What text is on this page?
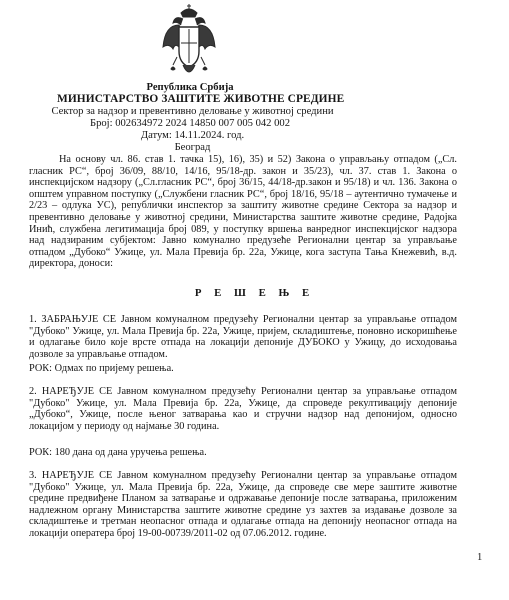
Република Србија
МИНИСТАРСТВО ЗАШТИТЕ ЖИВОТНЕ СРЕДИНЕ
Сектор за надзор и превентивно деловање у животној средини
Број: 002634972 2024 14850 007 005 042 002
Датум: 14.11.2024. год.
Београд
На основу чл. 86. став 1. тачка 15), 16), 35) и 52) Закона о управљању отпадом („Сл. гласник РС“, број 36/09, 88/10, 14/16, 95/18-др. закон и 35/23), чл. 37. став 1. Закона о инспекцијском надзору („Сл.гласник РС“, број 36/15, 44/18-др.закон и 95/18) и чл. 136. Закона о општем управном поступку („Службени гласник РС“, број 18/16, 95/18 – аутентично тумачење и 2/23 – одлука УС), републички инспектор за заштиту животне средине Сектора за надзор и превентивно деловање у животној средини, Министарства заштите животне средине, Радојка Инић, службена легитимација број 089, у поступку вршења ванредног инспекцијског надзора над надзираним субјектом: Јавно комунално предузеће Регионални центар за управљање отпадом „Дубоко“ Ужице, ул. Мала Превија бр. 22а, Ужице, кога заступа Тања Кнежевић, в.д. директора, доноси:
Р Е Ш Е Њ Е
1. ЗАБРАЊУЈЕ СЕ Јавном комуналном предузећу Регионални центар за управљање отпадом "Дубоко" Ужице, ул. Мала Превија бр. 22а, Ужице, пријем, складиштење, поновно искоришћење и одлагање било које врсте отпада на локацији депоније ДУБОКО у Ужицу, до исходовања дозволе за управљање отпадом.
РОК: Одмах по пријему решења.
2. НАРЕЂУЈЕ СЕ Јавном комуналном предузећу Регионални центар за управљање отпадом "Дубоко" Ужице, ул. Мала Превија бр. 22а, Ужице, да спроведе рекултивацију депоније „Дубоко“, Ужице, после њеног затварања као и стручни надзор над депонијом, односно локацијом у периоду од најмање 30 година.
РОК: 180 дана од дана уручења решења.
3. НАРЕЂУЈЕ СЕ Јавном комуналном предузећу Регионални центар за управљање отпадом "Дубоко" Ужице, ул. Мала Превија бр. 22а, Ужице, да спроведе све мере заштите животне средине предвиђене Планом за затварање и одржавање депоније после затварања, приложеним надлежном органу Министарства заштите животне средине уз захтев за издавање дозволе за складиштење и третман неопасног отпада и одлагање отпада на депонију неопасног отпада на локацији оператера број 19-00-00739/2011-02 од 07.06.2012. године.
1
